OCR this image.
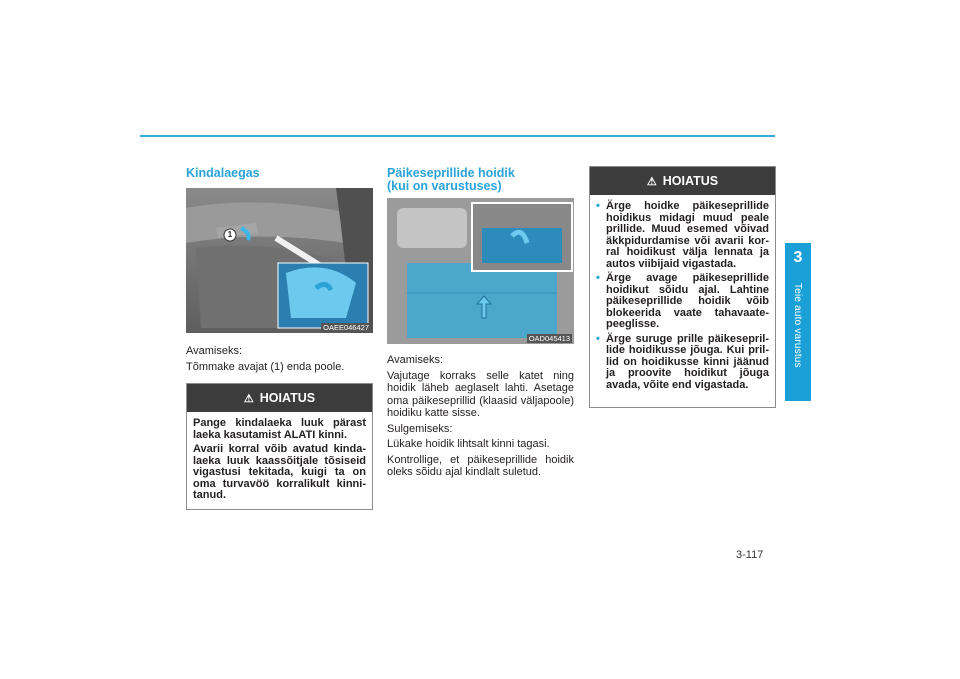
3
Teie auto varustus
Kindalaegas
1
OAEE046427

Avamiseks:

Tõmmake avajat (1) enda poole.

⚠ HOIATUS

Pange kindalaeka luuk pärast laeka kasutamist ALATI kinni.

Avarii korral võib avatud kindalaeka luuk kaassõitjale tõsiseid vigastusi tekitada, kuigi ta on oma turvavöö korralikult kinnitanud.

Päikeseprillide hoidik
(kui on varustuses)
OAD045413

Avamiseks:

Vajutage korraks selle katet ning hoidik läheb aeglaselt lahti. Asetage oma päikeseprillid (klaasid väljapoole) hoidiku katte sisse.

Sulgemiseks:

Lükake hoidik lihtsalt kinni tagasi.

Kontrollige, et päikeseprillide hoidik oleks sõidu ajal kindlalt suletud.

⚠ HOIATUS
• Ärge hoidke päikeseprillide hoidikus midagi muud peale prillide. Muud esemed võivad äkkpidurdamise või avarii korral hoidikust välja lennata ja autos viibijaid vigastada.
• Ärge avage päikeseprillide hoidikut sõidu ajal. Lahtine päikeseprillide hoidik võib blokeerida vaate tahavaatepeeglisse.
• Ärge suruge prille päikeseprillide hoidikusse jõuga. Kui prillid on hoidikusse kinni jäänud ja proovite hoidikut jõuga avada, võite end vigastada.
3-117
